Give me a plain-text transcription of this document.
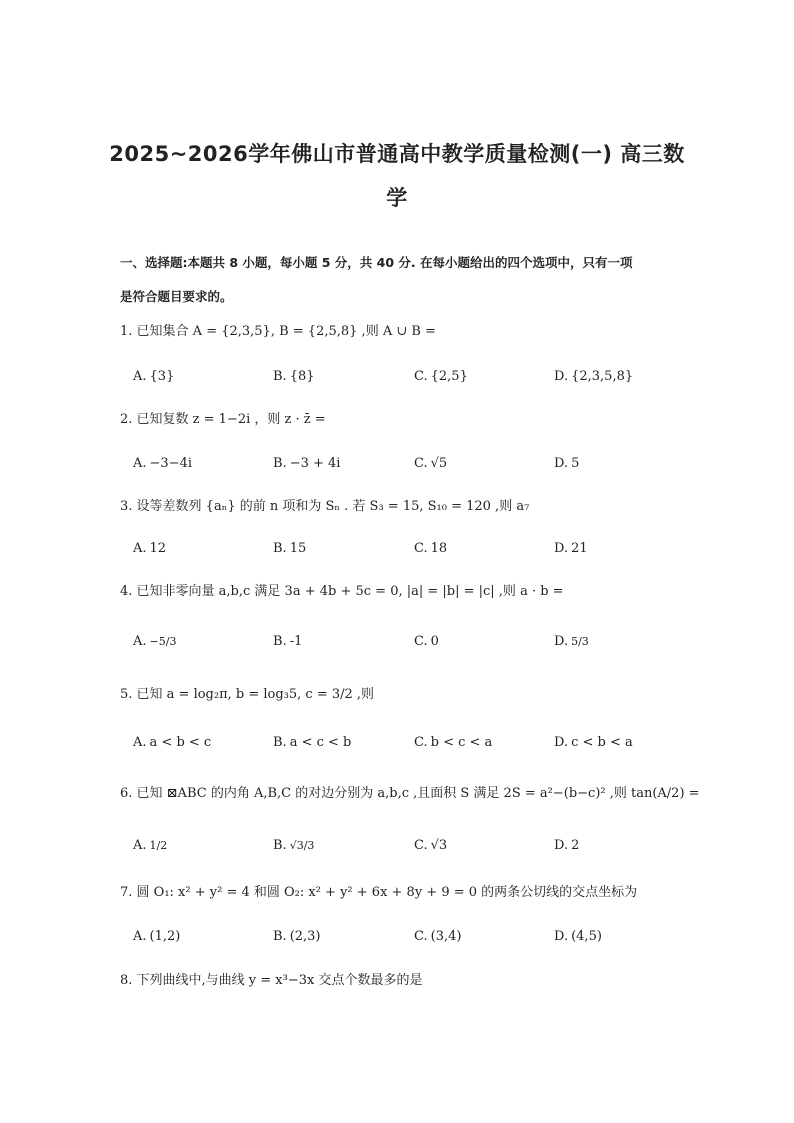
2025~2026学年佛山市普通高中教学质量检测(一) 高三数
学
一、选择题:本题共 8 小题，每小题 5 分，共 40 分. 在每小题给出的四个选项中，只有一项
是符合题目要求的。
1. 已知集合 A = {2,3,5}, B = {2,5,8} ,则 A ∪ B =
A. {3}	B. {8}	C. {2,5}	D. {2,3,5,8}
2. 已知复数 z = 1−2i ，则 z · z̄ =
A. −3−4i	B. −3 + 4i	C. √5	D. 5
3. 设等差数列 {aₙ} 的前 n 项和为 Sₙ . 若 S₃ = 15, S₁₀ = 120 ,则 a₇
A. 12	B. 15	C. 18	D. 21
4. 已知非零向量 a,b,c 满足 3a + 4b + 5c = 0, |a| = |b| = |c| ,则 a · b =
A. −5/3	B. -1	C. 0	D. 5/3
5. 已知 a = log₂π, b = log₃5, c = 3/2 ,则
A. a < b < c	B. a < c < b	C. b < c < a	D. c < b < a
6. 已知 ⊠ABC 的内角 A,B,C 的对边分别为 a,b,c ,且面积 S 满足 2S = a²−(b−c)² ,则 tan(A/2) =
A. 1/2	B. √3/3	C. √3	D. 2
7. 圆 O₁: x² + y² = 4 和圆 O₂: x² + y² + 6x + 8y + 9 = 0 的两条公切线的交点坐标为
A. (1,2)	B. (2,3)	C. (3,4)	D. (4,5)
8. 下列曲线中,与曲线 y = x³−3x 交点个数最多的是
